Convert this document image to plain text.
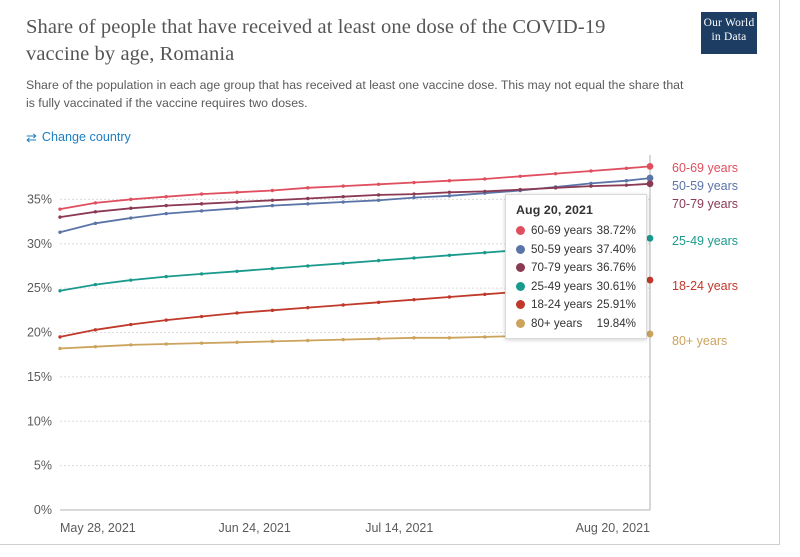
Share of people that have received at least one dose of the COVID-19 vaccine by age, Romania

Share of the population in each age group that has received at least one vaccine dose. This may not equal the share that is fully vaccinated if the vaccine requires two doses.

Our World
in Data
⇄ Change country
0%
5%
10%
15%
20%
25%
30%
35%
May 28, 2021	Jun 24, 2021	Jul 14, 2021	Aug 20, 2021
60-69 years
50-59 years
70-79 years
25-49 years
18-24 years
80+ years
Aug 20, 2021
60-69 years 38.72%
50-59 years 37.40%
70-79 years 36.76%
25-49 years 30.61%
18-24 years 25.91%
80+ years	19.84%
